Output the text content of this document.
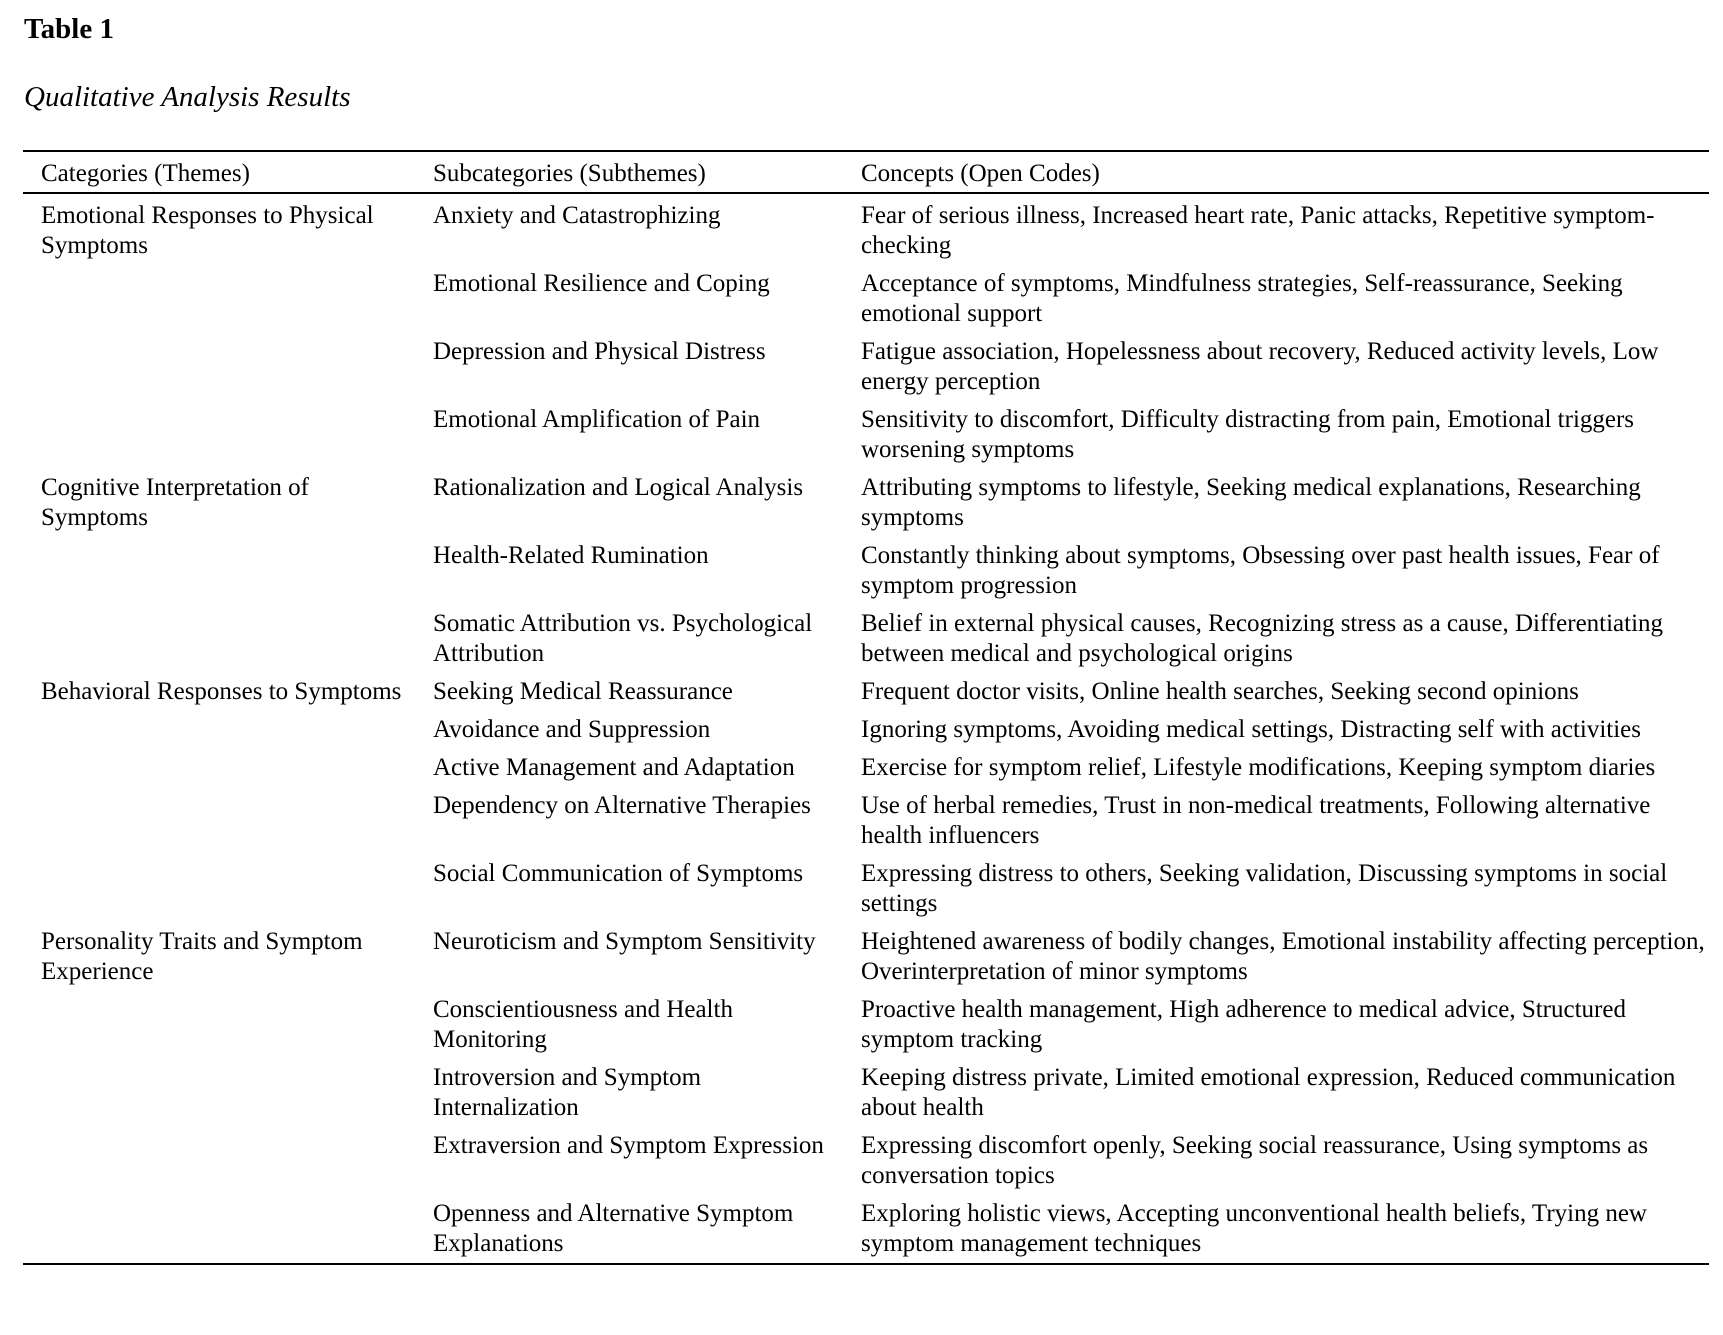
Table 1
Qualitative Analysis Results
Categories (Themes)	Subcategories (Subthemes)	Concepts (Open Codes)
Emotional Responses to Physical Symptoms	Anxiety and Catastrophizing	Fear of serious illness, Increased heart rate, Panic attacks, Repetitive symptom-checking
	Emotional Resilience and Coping	Acceptance of symptoms, Mindfulness strategies, Self-reassurance, Seeking emotional support
	Depression and Physical Distress	Fatigue association, Hopelessness about recovery, Reduced activity levels, Low energy perception
	Emotional Amplification of Pain	Sensitivity to discomfort, Difficulty distracting from pain, Emotional triggers worsening symptoms
Cognitive Interpretation of Symptoms	Rationalization and Logical Analysis	Attributing symptoms to lifestyle, Seeking medical explanations, Researching symptoms
	Health-Related Rumination	Constantly thinking about symptoms, Obsessing over past health issues, Fear of symptom progression
	Somatic Attribution vs. Psychological Attribution	Belief in external physical causes, Recognizing stress as a cause, Differentiating between medical and psychological origins
Behavioral Responses to Symptoms	Seeking Medical Reassurance	Frequent doctor visits, Online health searches, Seeking second opinions
	Avoidance and Suppression	Ignoring symptoms, Avoiding medical settings, Distracting self with activities
	Active Management and Adaptation	Exercise for symptom relief, Lifestyle modifications, Keeping symptom diaries
	Dependency on Alternative Therapies	Use of herbal remedies, Trust in non-medical treatments, Following alternative health influencers
	Social Communication of Symptoms	Expressing distress to others, Seeking validation, Discussing symptoms in social settings
Personality Traits and Symptom Experience	Neuroticism and Symptom Sensitivity	Heightened awareness of bodily changes, Emotional instability affecting perception, Overinterpretation of minor symptoms
	Conscientiousness and Health Monitoring	Proactive health management, High adherence to medical advice, Structured symptom tracking
	Introversion and Symptom Internalization	Keeping distress private, Limited emotional expression, Reduced communication about health
	Extraversion and Symptom Expression	Expressing discomfort openly, Seeking social reassurance, Using symptoms as conversation topics
	Openness and Alternative Symptom Explanations	Exploring holistic views, Accepting unconventional health beliefs, Trying new symptom management techniques
